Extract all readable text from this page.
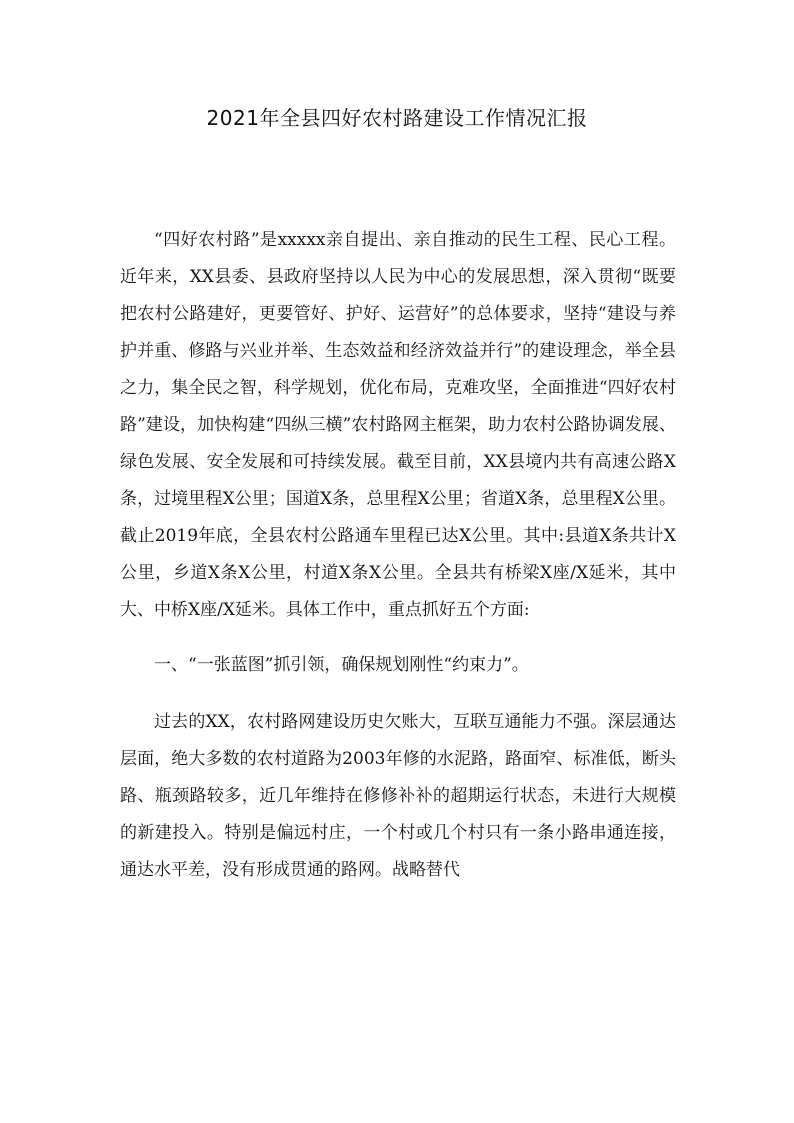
2021年全县四好农村路建设工作情况汇报

“四好农村路”是xxxxx亲自提出、亲自推动的民生工程、民心工程。近年来，XX县委、县政府坚持以人民为中心的发展思想，深入贯彻“既要把农村公路建好，更要管好、护好、运营好”的总体要求，坚持“建设与养护并重、修路与兴业并举、生态效益和经济效益并行”的建设理念，举全县之力，集全民之智，科学规划，优化布局，克难攻坚，全面推进“四好农村路”建设，加快构建“四纵三横”农村路网主框架，助力农村公路协调发展、绿色发展、安全发展和可持续发展。截至目前，XX县境内共有高速公路X条，过境里程X公里；国道X条，总里程X公里；省道X条，总里程X公里。截止2019年底，全县农村公路通车里程已达X公里。其中:县道X条共计X公里，乡道X条X公里，村道X条X公里。全县共有桥梁X座/X延米，其中大、中桥X座/X延米。具体工作中，重点抓好五个方面:

一、“一张蓝图”抓引领，确保规划刚性“约束力”。

过去的XX，农村路网建设历史欠账大，互联互通能力不强。深层通达层面，绝大多数的农村道路为2003年修的水泥路，路面窄、标准低，断头路、瓶颈路较多，近几年维持在修修补补的超期运行状态，未进行大规模的新建投入。特别是偏远村庄，一个村或几个村只有一条小路串通连接，通达水平差，没有形成贯通的路网。战略替代
